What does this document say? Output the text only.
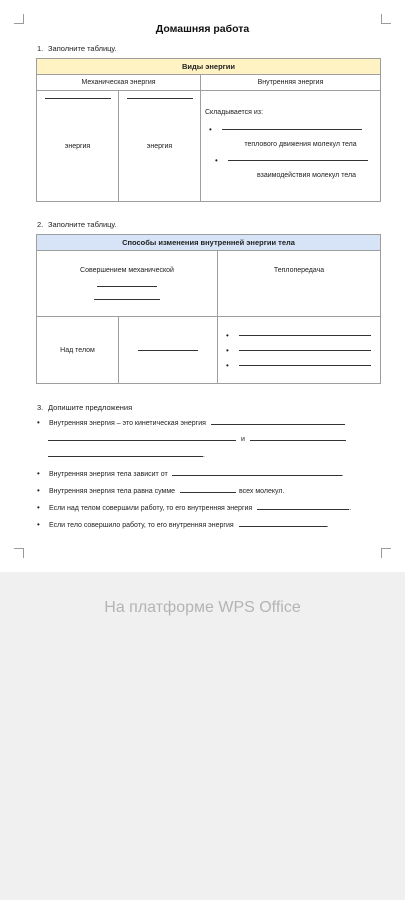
Домашняя работа
1. Заполните таблицу.
Виды энергии		
Механическая энергия		Внутренняя энергия

энергия	энергия	Складывается из:
•
теплового движения молекул тела
•
взаимодействия молекул тела
2. Заполните таблицу.
Способы изменения внутренней энергии тела		

Совершением механической		Теплопередача
Над телом		•
•
•
3. Допишите предложения
• Внутренняя энергия – это кинетическая энергия
и
.
• Внутренняя энергия тела зависит от	.
• Внутренняя энергия тела равна сумме	всех молекул.
• Если над телом совершили работу, то его внутренняя энергия	.
• Если тело совершило работу, то его внутренняя энергия	.
На платформе WPS Office
